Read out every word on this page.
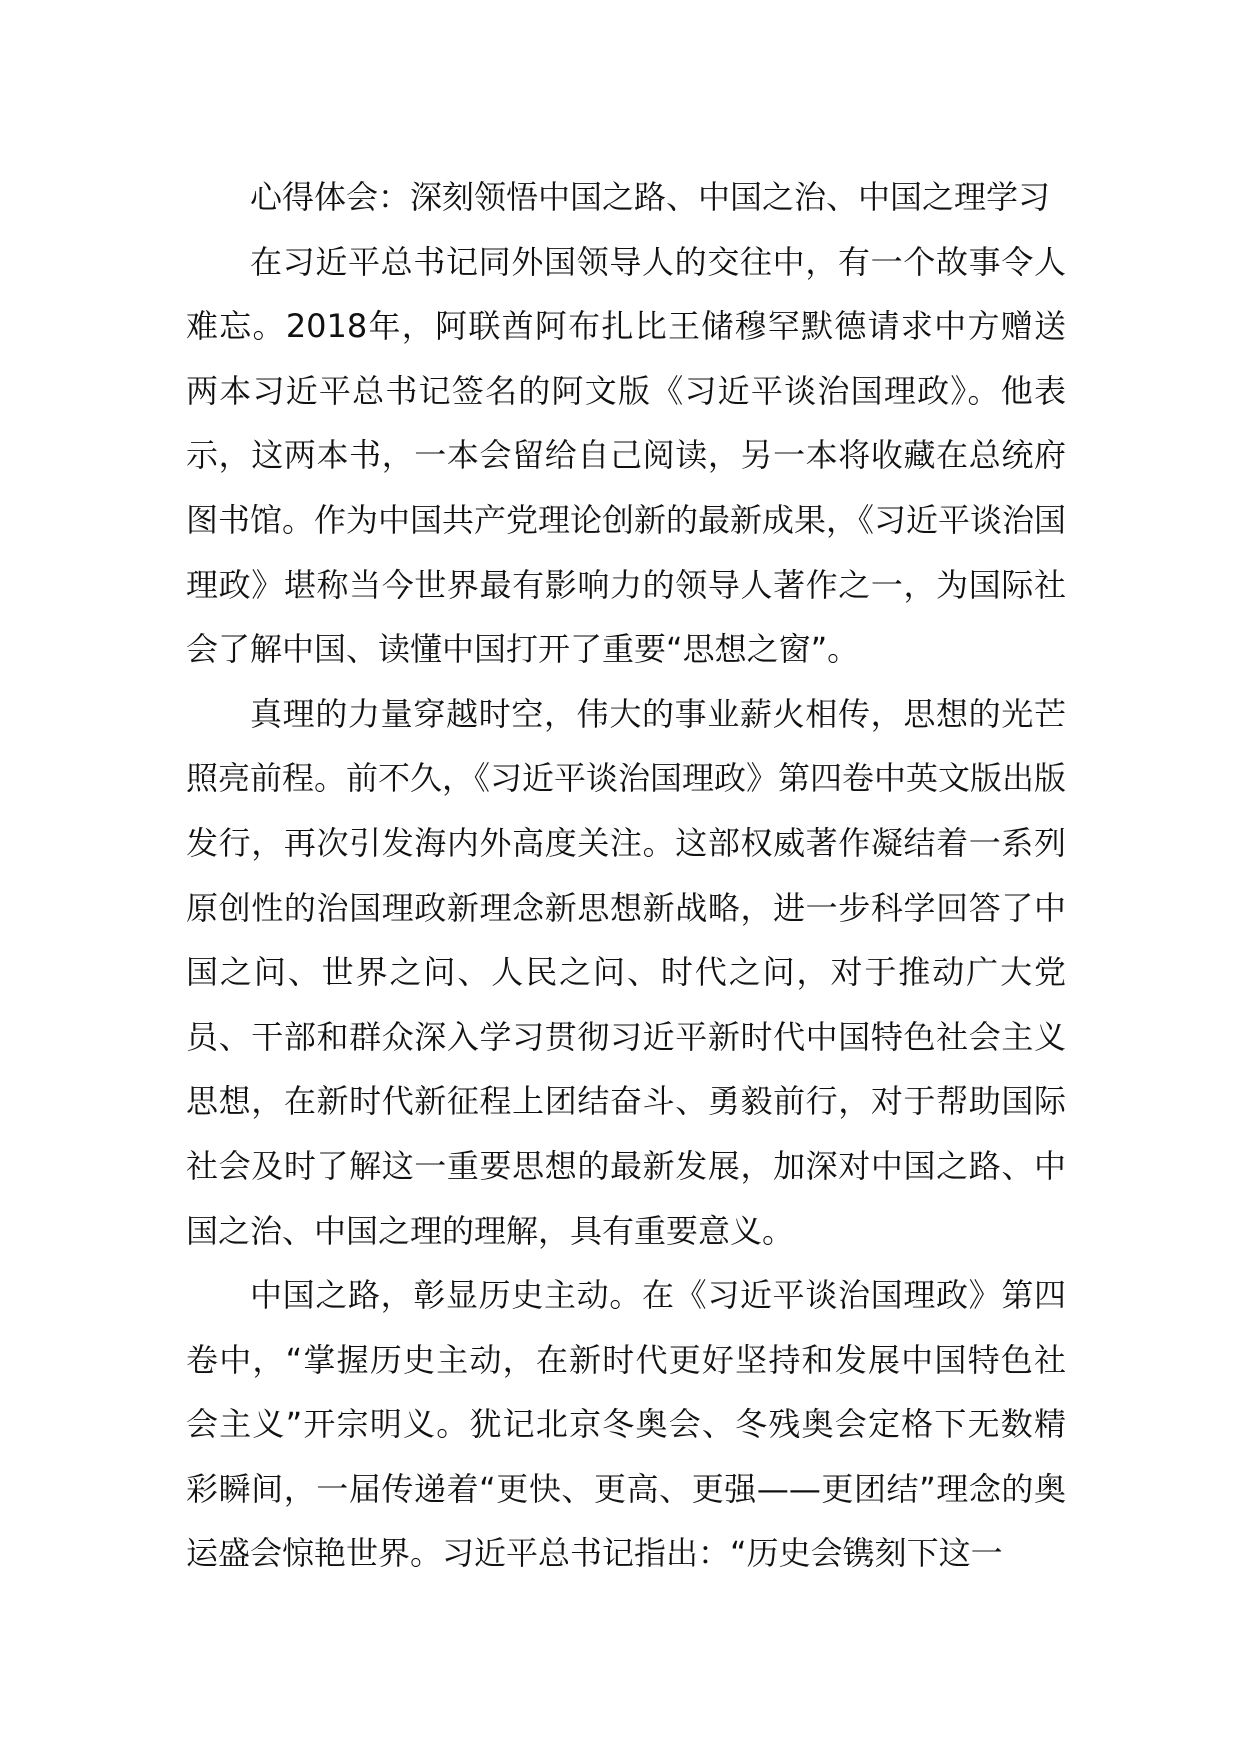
心得体会：深刻领悟中国之路、中国之治、中国之理学习

在习近平总书记同外国领导人的交往中，有一个故事令人难忘。2018年，阿联酋阿布扎比王储穆罕默德请求中方赠送两本习近平总书记签名的阿文版《习近平谈治国理政》。他表示，这两本书，一本会留给自己阅读，另一本将收藏在总统府图书馆。作为中国共产党理论创新的最新成果，《习近平谈治国理政》堪称当今世界最有影响力的领导人著作之一，为国际社会了解中国、读懂中国打开了重要“思想之窗”。

真理的力量穿越时空，伟大的事业薪火相传，思想的光芒照亮前程。前不久，《习近平谈治国理政》第四卷中英文版出版发行，再次引发海内外高度关注。这部权威著作凝结着一系列原创性的治国理政新理念新思想新战略，进一步科学回答了中国之问、世界之问、人民之问、时代之问，对于推动广大党员、干部和群众深入学习贯彻习近平新时代中国特色社会主义思想，在新时代新征程上团结奋斗、勇毅前行，对于帮助国际社会及时了解这一重要思想的最新发展，加深对中国之路、中国之治、中国之理的理解，具有重要意义。

中国之路，彰显历史主动。在《习近平谈治国理政》第四卷中，“掌握历史主动，在新时代更好坚持和发展中国特色社会主义”开宗明义。犹记北京冬奥会、冬残奥会定格下无数精彩瞬间，一届传递着“更快、更高、更强——更团结”理念的奥运盛会惊艳世界。习近平总书记指出：“历史会镌刻下这一
